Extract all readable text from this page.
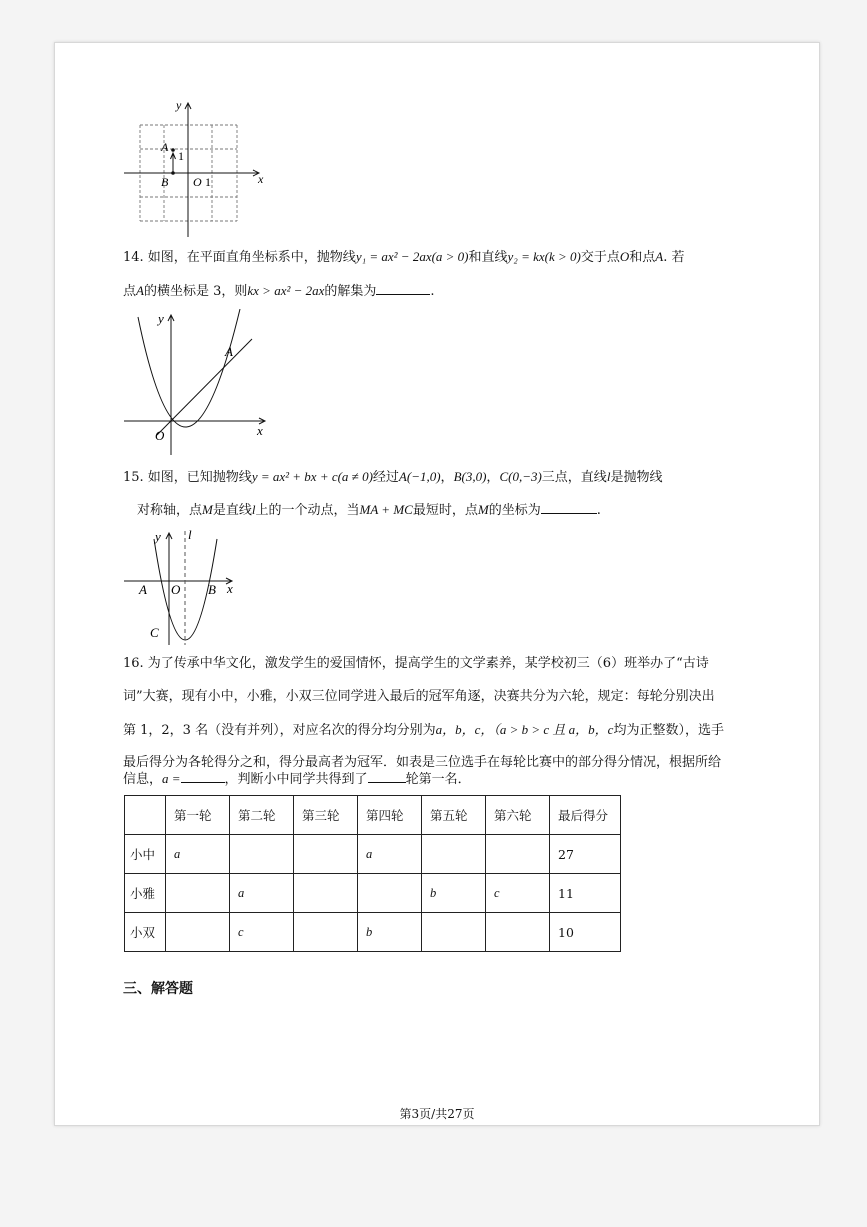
y
x
A
1
B O 1
14. 如图，在平面直角坐标系中，抛物线y₁ = ax² − 2ax(a > 0)和直线y₂ = kx(k > 0)交于点O和点A. 若
点A的横坐标是 3，则kx > ax² − 2ax的解集为	.
y
x
A
O
15. 如图，已知抛物线y = ax² + bx + c(a ≠ 0)经过A(−1,0)，B(3,0)，C(0,−3)三点，直线l是抛物线
对称轴，点M是直线l上的一个动点，当MA + MC最短时，点M的坐标为	.
y l
x
A O B
C
16. 为了传承中华文化，激发学生的爱国情怀，提高学生的文学素养，某学校初三（6）班举办了“古诗
词”大赛，现有小中，小雅，小双三位同学进入最后的冠军角逐，决赛共分为六轮，规定：每轮分别决出
第 1，2，3 名（没有并列），对应名次的得分均分别为a，b，c，（a > b > c 且 a，b，c均为正整数），选手
最后得分为各轮得分之和，得分最高者为冠军．如表是三位选手在每轮比赛中的部分得分情况，根据所给
信息，a =	，判断小中同学共得到了	轮第一名．
	第一轮	第二轮	第三轮	第四轮	第五轮	第六轮	最后得分
小中	a			a			27
小雅		a			b	c	11
小双		c		b			10
三、解答题
第3页/共27页
